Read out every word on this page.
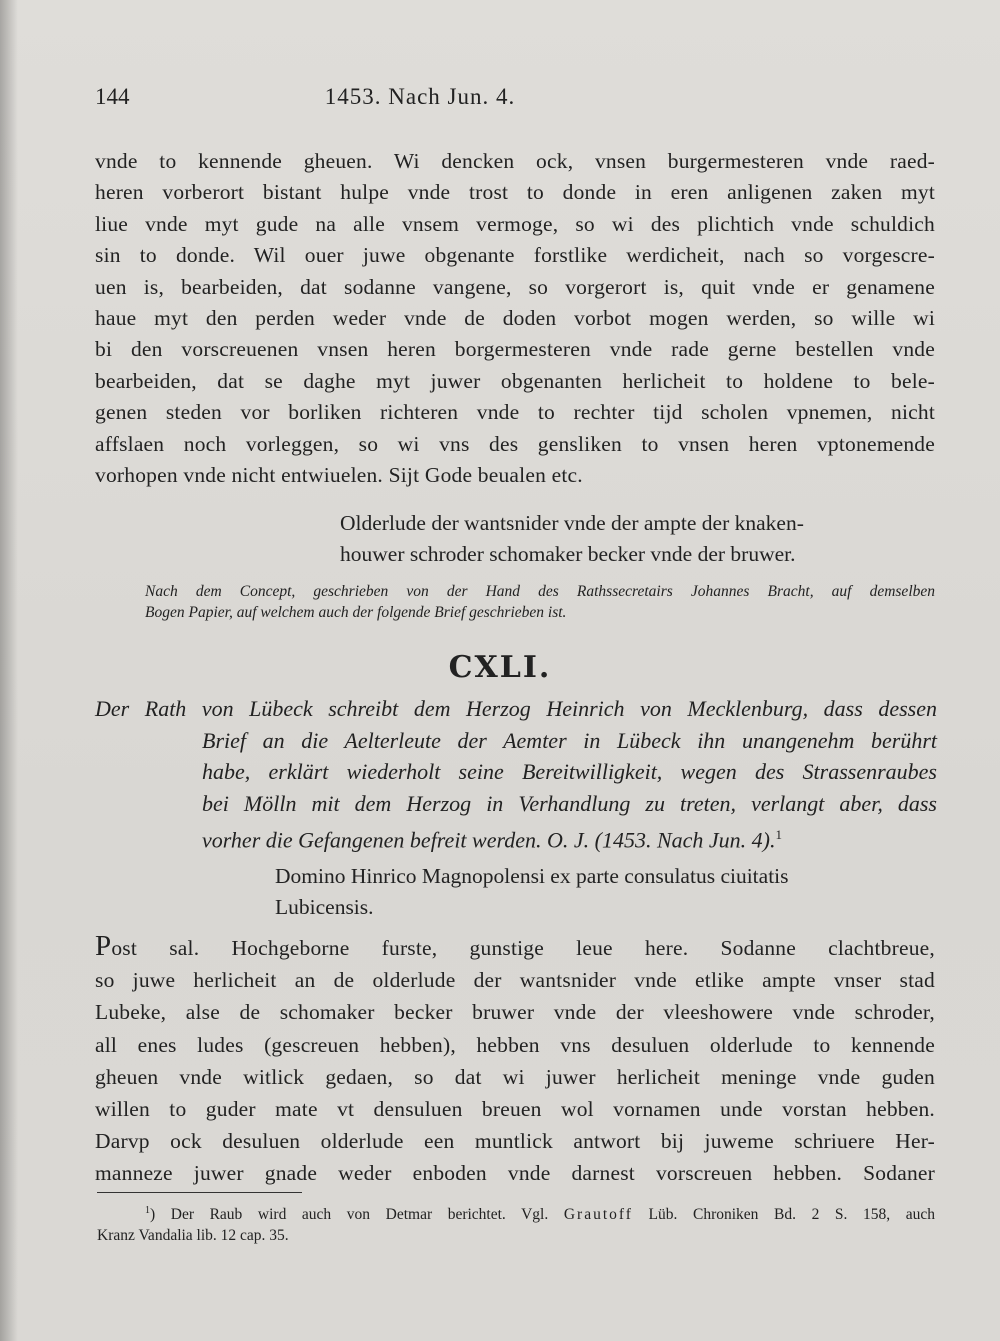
144	1453. Nach Jun. 4.

vnde to kennende gheuen. Wi dencken ock, vnsen burgermesteren vnde raed-
heren vorberort bistant hulpe vnde trost to donde in eren anligenen zaken myt
liue vnde myt gude na alle vnsem vermoge, so wi des plichtich vnde schuldich
sin to donde. Wil ouer juwe obgenante forstlike werdicheit, nach so vorgescre-
uen is, bearbeiden, dat sodanne vangene, so vorgerort is, quit vnde er genamene
haue myt den perden weder vnde de doden vorbot mogen werden, so wille wi
bi den vorscreuenen vnsen heren borgermesteren vnde rade gerne bestellen vnde
bearbeiden, dat se daghe myt juwer obgenanten herlicheit to holdene to bele-
genen steden vor borliken richteren vnde to rechter tijd scholen vpnemen, nicht
affslaen noch vorleggen, so wi vns des gensliken to vnsen heren vptonemende
vorhopen vnde nicht entwiuelen. Sijt Gode beualen etc.

Olderlude der wantsnider vnde der ampte der knaken-
houwer schroder schomaker becker vnde der bruwer.

Nach dem Concept, geschrieben von der Hand des Rathssecretairs Johannes Bracht, auf demselben
Bogen Papier, auf welchem auch der folgende Brief geschrieben ist.

CXLI.

Der Rath von Lübeck schreibt dem Herzog Heinrich von Mecklenburg, dass dessen
Brief an die Aelterleute der Aemter in Lübeck ihn unangenehm berührt
habe, erklärt wiederholt seine Bereitwilligkeit, wegen des Strassenraubes
bei Mölln mit dem Herzog in Verhandlung zu treten, verlangt aber, dass
vorher die Gefangenen befreit werden. O. J. (1453. Nach Jun. 4).$^1$

Domino Hinrico Magnopolensi ex parte consulatus ciuitatis
Lubicensis.

Post sal. Hochgeborne furste, gunstige leue here. Sodanne clachtbreue,
so juwe herlicheit an de olderlude der wantsnider vnde etlike ampte vnser stad
Lubeke, alse de schomaker becker bruwer vnde der vleeshowere vnde schroder,
all enes ludes (gescreuen hebben), hebben vns desuluen olderlude to kennende
gheuen vnde witlick gedaen, so dat wi juwer herlicheit meninge vnde guden
willen to guder mate vt densuluen breuen wol vornamen unde vorstan hebben.
Darvp ock desuluen olderlude een muntlick antwort bij juweme schriuere Her-
manneze juwer gnade weder enboden vnde darnest vorscreuen hebben. Sodaner

$^1$) Der Raub wird auch von Detmar berichtet. Vgl. Grautoff Lüb. Chroniken Bd. 2 S. 158, auch
Kranz Vandalia lib. 12 cap. 35.
